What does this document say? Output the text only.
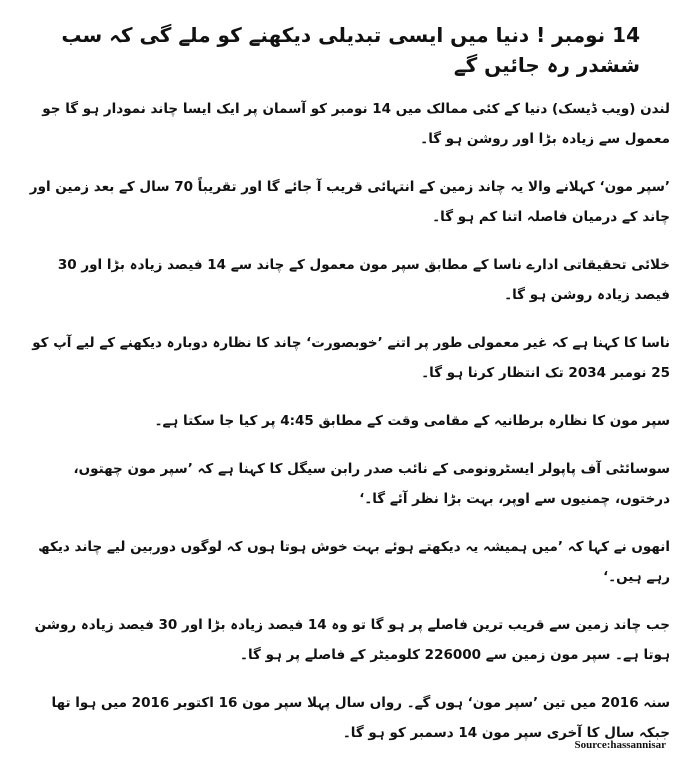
14 نومبر ! دنیا میں ایسی تبدیلی دیکھنے کو ملے گی کہ سب ششدر رہ جائیں گے

لندن (ویب ڈیسک) دنیا کے کئی ممالک میں 14 نومبر کو آسمان پر ایک ایسا چاند نمودار ہو گا جو معمول سے زیادہ بڑا اور روشن ہو گا۔

’سپر مون‘ کہلانے والا یہ چاند زمین کے انتہائی قریب آ جائے گا اور تقریباً 70 سال کے بعد زمین اور چاند کے درمیان فاصلہ اتنا کم ہو گا۔

خلائی تحقیقاتی ادارے ناسا کے مطابق سپر مون معمول کے چاند سے 14 فیصد زیادہ بڑا اور 30 فیصد زیادہ روشن ہو گا۔

ناسا کا کہنا ہے کہ غیر معمولی طور پر اتنے ’خوبصورت‘ چاند کا نظارہ دوبارہ دیکھنے کے لیے آپ کو 25 نومبر 2034 تک انتظار کرنا ہو گا۔

سپر مون کا نظارہ برطانیہ کے مقامی وقت کے مطابق 4:45 پر کیا جا سکتا ہے۔

سوسائٹی آف پاپولر ایسٹرونومی کے نائب صدر رابن سیگل کا کہنا ہے کہ ’سپر مون چھتوں، درختوں، چمنیوں سے اوپر، بہت بڑا نظر آئے گا۔‘

انھوں نے کہا کہ ’میں ہمیشہ یہ دیکھتے ہوئے بہت خوش ہوتا ہوں کہ لوگوں دوربین لیے چاند دیکھ رہے ہیں۔‘

جب چاند زمین سے قریب ترین فاصلے پر ہو گا تو وہ 14 فیصد زیادہ بڑا اور 30 فیصد زیادہ روشن ہوتا ہے۔ سپر مون زمین سے 226000 کلومیٹر کے فاصلے پر ہو گا۔

سنہ 2016 میں تین ’سپر مون‘ ہوں گے۔ رواں سال پہلا سپر مون 16 اکتوبر 2016 میں ہوا تھا جبکہ سال کا آخری سپر مون 14 دسمبر کو ہو گا۔

Source:hassannisar
